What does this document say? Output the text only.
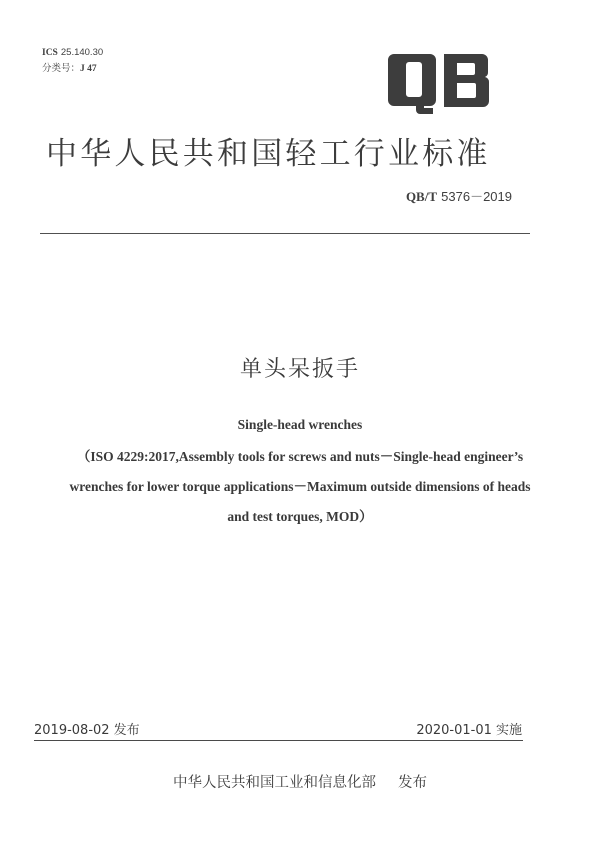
ICS 25.140.30
分类号：J 47
中华人民共和国轻工行业标准
QB/T 5376－2019
单头呆扳手
Single-head wrenches
（ISO 4229:2017,Assembly tools for screws and nuts－Single-head engineer’s
wrenches for lower torque applications－Maximum outside dimensions of heads
and test torques, MOD）
2019-08-02 发布	2020-01-01 实施
中华人民共和国工业和信息化部 发布
